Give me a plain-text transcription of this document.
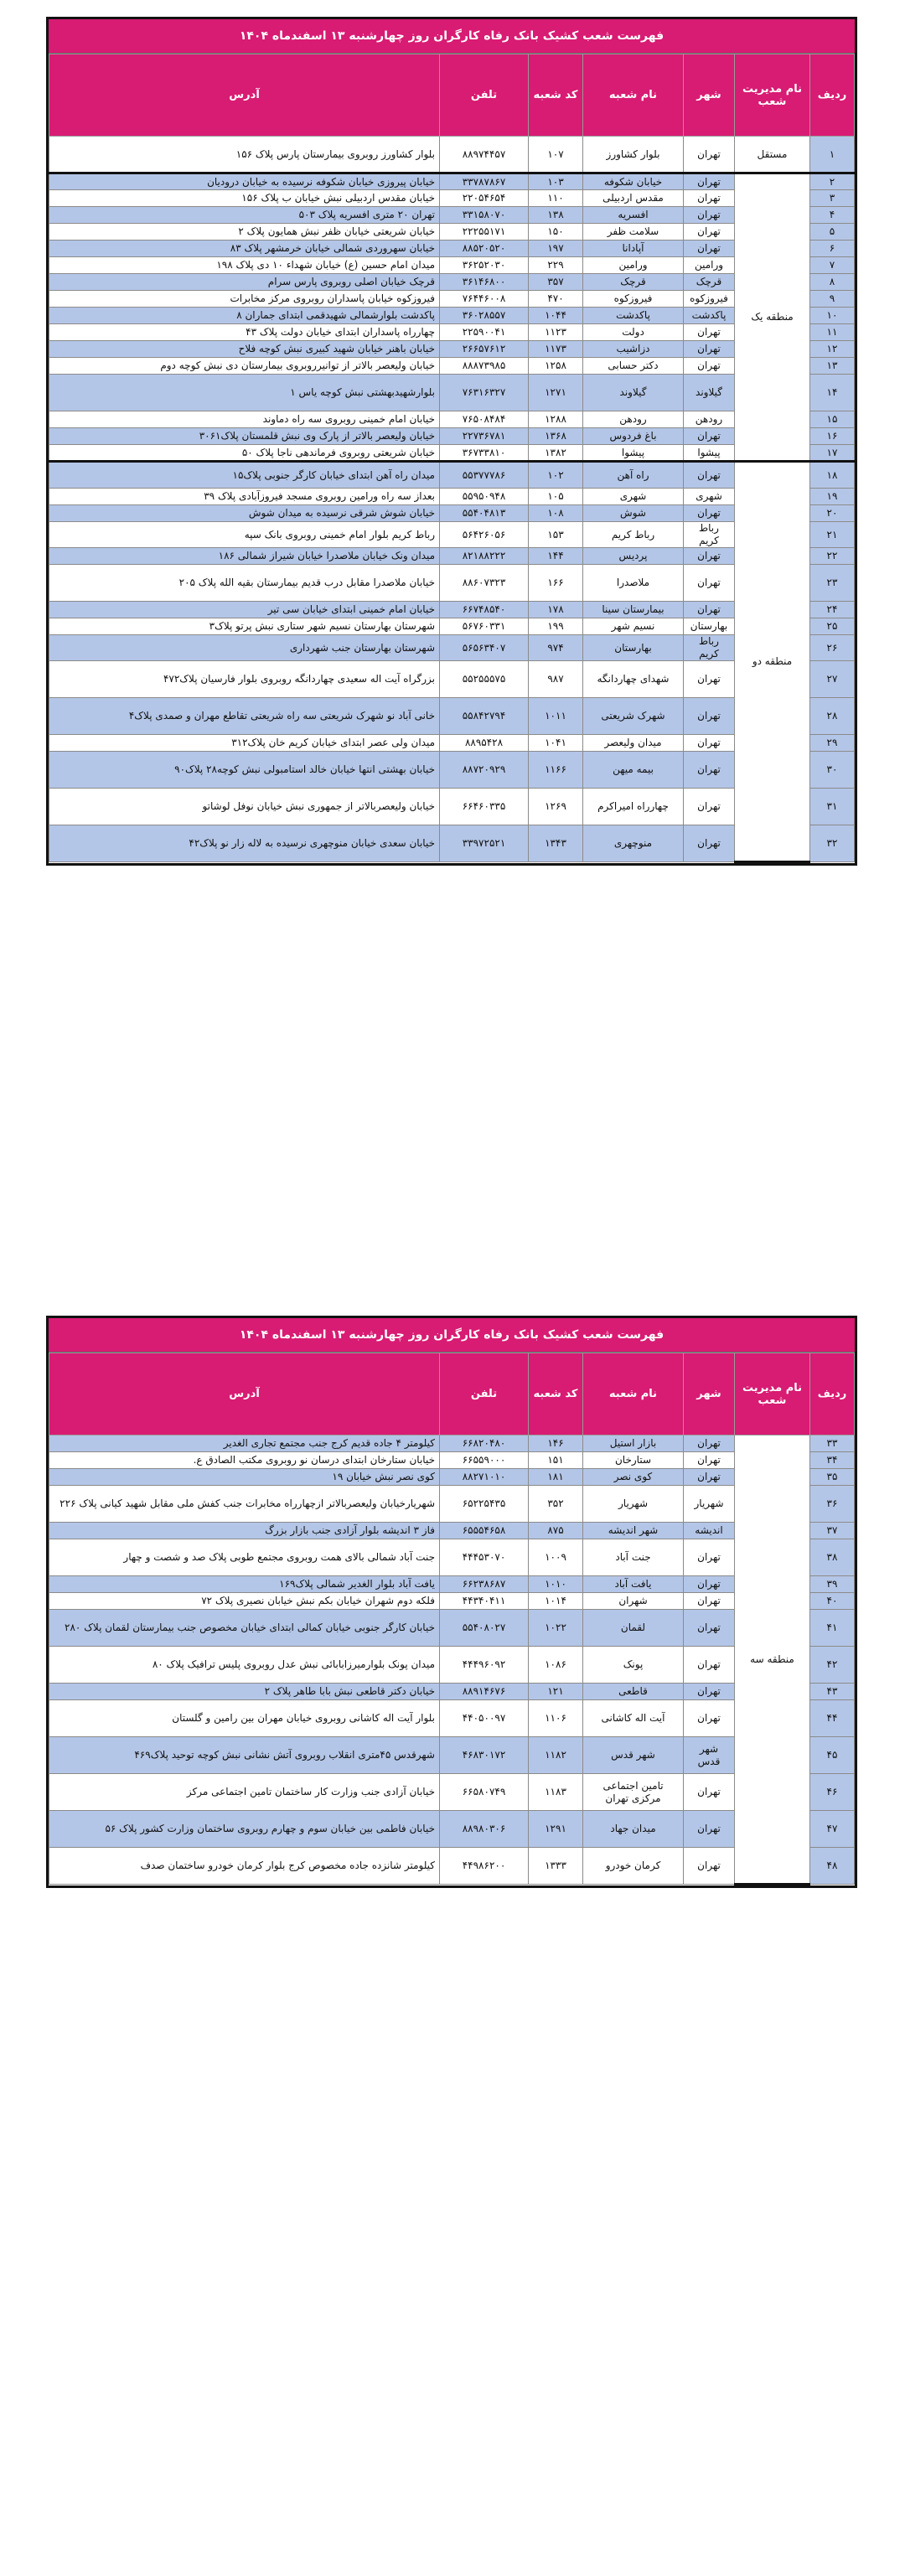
فهرست شعب کشیک بانک رفاه کارگران روز چهارشنبه ۱۳ اسفندماه ۱۴۰۴
ردیف	نام مدیریت شعب	شهر	نام شعبه	کد شعبه	تلفن	آدرس
۱	مستقل	تهران	بلوار کشاورز	۱۰۷	۸۸۹۷۴۴۵۷	بلوار کشاورز روبروی بیمارستان پارس پلاک ۱۵۶
۲	منطقه یک	تهران	خیابان شکوفه	۱۰۳	۳۳۷۸۷۸۶۷	خیابان پیروزی خیابان شکوفه نرسیده به خیابان درودیان
۳		تهران	مقدس اردبیلی	۱۱۰	۲۲۰۵۴۶۵۴	خیابان مقدس اردبیلی نبش خیابان ب پلاک ۱۵۶
۴		تهران	افسریه	۱۳۸	۳۳۱۵۸۰۷۰	تهران ۲۰ متری افسریه پلاک ۵۰۳
۵		تهران	سلامت ظفر	۱۵۰	۲۲۲۵۵۱۷۱	خیابان شریعتی خیابان ظفر نبش همایون پلاک ۲
۶		تهران	آپادانا	۱۹۷	۸۸۵۲۰۵۲۰	خیابان سهروردی شمالی خیابان خرمشهر پلاک ۸۳
۷		ورامین	ورامین	۲۲۹	۳۶۲۵۲۰۳۰	میدان امام حسین (ع) خیابان شهداء ۱۰ دی پلاک ۱۹۸
۸		قرچک	قرچک	۳۵۷	۳۶۱۴۶۸۰۰	قرچک خیابان اصلی روبروی پارس سرام
۹		فیروزکوه	فیروزکوه	۴۷۰	۷۶۴۴۶۰۰۸	فیروزکوه خیابان پاسداران روبروی مرکز مخابرات
۱۰		پاکدشت	پاکدشت	۱۰۴۴	۳۶۰۲۸۵۵۷	پاکدشت بلوارشمالی شهیدقمی ابتدای جماران ۸
۱۱		تهران	دولت	۱۱۲۳	۲۲۵۹۰۰۴۱	چهارراه پاسداران ابتدای خیابان دولت پلاک ۴۳
۱۲		تهران	دزاشیب	۱۱۷۳	۲۶۶۵۷۶۱۲	خیابان باهنر خیابان شهید کبیری نبش کوچه فلاح
۱۳		تهران	دکتر حسابی	۱۲۵۸	۸۸۸۷۳۹۸۵	خیابان ولیعصر بالاتر از توانیرروبروی بیمارستان دی نبش کوچه دوم
۱۴		گیلاوند	گیلاوند	۱۲۷۱	۷۶۳۱۶۳۲۷	بلوارشهیدبهشتی نبش کوچه یاس ۱
۱۵		رودهن	رودهن	۱۲۸۸	۷۶۵۰۸۴۸۴	خیابان امام خمینی روبروی سه راه دماوند
۱۶		تهران	باغ فردوس	۱۳۶۸	۲۲۷۳۶۷۸۱	خیابان ولیعصر بالاتر از پارک وی نبش قلمستان پلاک۳۰۶۱
۱۷		پیشوا	پیشوا	۱۳۸۲	۳۶۷۳۳۸۱۰	خیابان شریعتی روبروی فرماندهی ناجا پلاک ۵۰
۱۸	منطقه دو	تهران	راه آهن	۱۰۲	۵۵۳۷۷۷۸۶	میدان راه آهن ابتدای خیابان کارگر جنوبی پلاک۱۵
۱۹		شهری	شهری	۱۰۵	۵۵۹۵۰۹۴۸	بعداز سه راه ورامین روبروی مسجد فیروزآبادی پلاک ۳۹
۲۰		تهران	شوش	۱۰۸	۵۵۴۰۴۸۱۳	خیابان شوش شرقی نرسیده به میدان شوش
۲۱		رباط کریم	رباط کریم	۱۵۳	۵۶۴۲۶۰۵۶	رباط کریم بلوار امام خمینی روبروی بانک سپه
۲۲		تهران	پردیس	۱۴۴	۸۲۱۸۸۲۲۲	میدان ونک خیابان ملاصدرا خیابان شیراز شمالی ۱۸۶
۲۳		تهران	ملاصدرا	۱۶۶	۸۸۶۰۷۳۲۳	خیابان ملاصدرا مقابل درب قدیم بیمارستان بقیه الله پلاک ۲۰۵
۲۴		تهران	بیمارستان سینا	۱۷۸	۶۶۷۴۸۵۴۰	خیابان امام خمینی ابتدای خیابان سی تیر
۲۵		بهارستان	نسیم شهر	۱۹۹	۵۶۷۶۰۳۳۱	شهرستان بهارستان نسیم شهر ستاری نبش پرتو پلاک۳
۲۶		رباط کریم	بهارستان	۹۷۴	۵۶۵۶۳۴۰۷	شهرستان بهارستان جنب شهرداری
۲۷		تهران	شهدای چهاردانگه	۹۸۷	۵۵۲۵۵۵۷۵	بزرگراه آیت اله سعیدی چهاردانگه روبروی بلوار فارسیان پلاک۴۷۲
۲۸		تهران	شهرک شریعتی	۱۰۱۱	۵۵۸۴۲۷۹۴	خانی آباد نو شهرک شریعتی سه راه شریعتی تقاطع مهران و صمدی پلاک۴
۲۹		تهران	میدان ولیعصر	۱۰۴۱	۸۸۹۵۴۲۸	میدان ولی عصر ابتدای خیابان کریم خان پلاک۳۱۲
۳۰		تهران	بیمه میهن	۱۱۶۶	۸۸۷۲۰۹۲۹	خیابان بهشتی انتها خیابان خالد استامبولی نبش کوچه۲۸ پلاک۹۰
۳۱		تهران	چهارراه امیراکرم	۱۲۶۹	۶۶۴۶۰۳۳۵	خیابان ولیعصربالاتر از جمهوری نبش خیابان نوفل لوشاتو
۳۲		تهران	منوچهری	۱۳۴۳	۳۳۹۷۲۵۲۱	خیابان سعدی خیابان منوچهری نرسیده به لاله زار نو پلاک۴۲
فهرست شعب کشیک بانک رفاه کارگران روز چهارشنبه ۱۳ اسفندماه ۱۴۰۴
ردیف	نام مدیریت شعب	شهر	نام شعبه	کد شعبه	تلفن	آدرس
۳۳	منطقه سه	تهران	بازار استیل	۱۴۶	۶۶۸۲۰۴۸۰	کیلومتر ۴ جاده قدیم کرج جنب مجتمع تجاری الغدیر
۳۴		تهران	ستارخان	۱۵۱	۶۶۵۵۹۰۰۰	خیابان ستارخان ابتدای درسان نو روبروی مکتب الصادق ع.
۳۵		تهران	کوی نصر	۱۸۱	۸۸۲۷۱۰۱۰	کوی نصر نبش خیابان ۱۹
۳۶		شهریار	شهریار	۳۵۲	۶۵۲۲۵۴۳۵	شهریارخیابان ولیعصربالاتر ازچهارراه مخابرات جنب کفش ملی مقابل شهید کیانی پلاک ۲۲۶
۳۷		اندیشه	شهر اندیشه	۸۷۵	۶۵۵۵۴۶۵۸	فاز ۳ اندیشه بلوار آزادی جنب بازار بزرگ
۳۸		تهران	جنت آباد	۱۰۰۹	۴۴۴۵۳۰۷۰	جنت آباد شمالی بالای همت روبروی مجتمع طوبی پلاک صد و شصت و چهار
۳۹		تهران	یافت آباد	۱۰۱۰	۶۶۲۳۸۶۸۷	یافت آباد بلوار الغدیر شمالی پلاک۱۶۹
۴۰		تهران	شهران	۱۰۱۴	۴۴۳۴۰۴۱۱	فلکه دوم شهران خیابان بکم نبش خیابان نصیری پلاک ۷۲
۴۱		تهران	لقمان	۱۰۲۲	۵۵۴۰۸۰۲۷	خیابان کارگر جنوبی خیابان کمالی ابتدای خیابان مخصوص جنب بیمارستان لقمان پلاک ۲۸۰
۴۲		تهران	پونک	۱۰۸۶	۴۴۴۹۶۰۹۲	میدان پونک بلوارمیرزابابائی نبش عدل روبروی پلیس ترافیک پلاک ۸۰
۴۳		تهران	قاطعی	۱۲۱	۸۸۹۱۴۶۷۶	خیابان دکتر قاطعی نبش بابا طاهر پلاک ۲
۴۴		تهران	آیت اله کاشانی	۱۱۰۶	۴۴۰۵۰۰۹۷	بلوار آیت اله کاشانی روبروی خیابان مهران بین رامین و گلستان
۴۵		شهر قدس	شهر قدس	۱۱۸۲	۴۶۸۳۰۱۷۲	شهرقدس ۴۵متری انقلاب روبروی آتش نشانی نبش کوچه توحید پلاک۴۶۹
۴۶		تهران	تامین اجتماعی مرکزی تهران	۱۱۸۳	۶۶۵۸۰۷۴۹	خیابان آزادی جنب وزارت کار ساختمان تامین اجتماعی مرکز
۴۷		تهران	میدان جهاد	۱۲۹۱	۸۸۹۸۰۳۰۶	خیابان فاطمی بین خیابان سوم و چهارم روبروی ساختمان وزارت کشور پلاک ۵۶
۴۸		تهران	کرمان خودرو	۱۳۳۳	۴۴۹۸۶۲۰۰	کیلومتر شانزده جاده مخصوص کرج بلوار کرمان خودرو ساختمان صدف
